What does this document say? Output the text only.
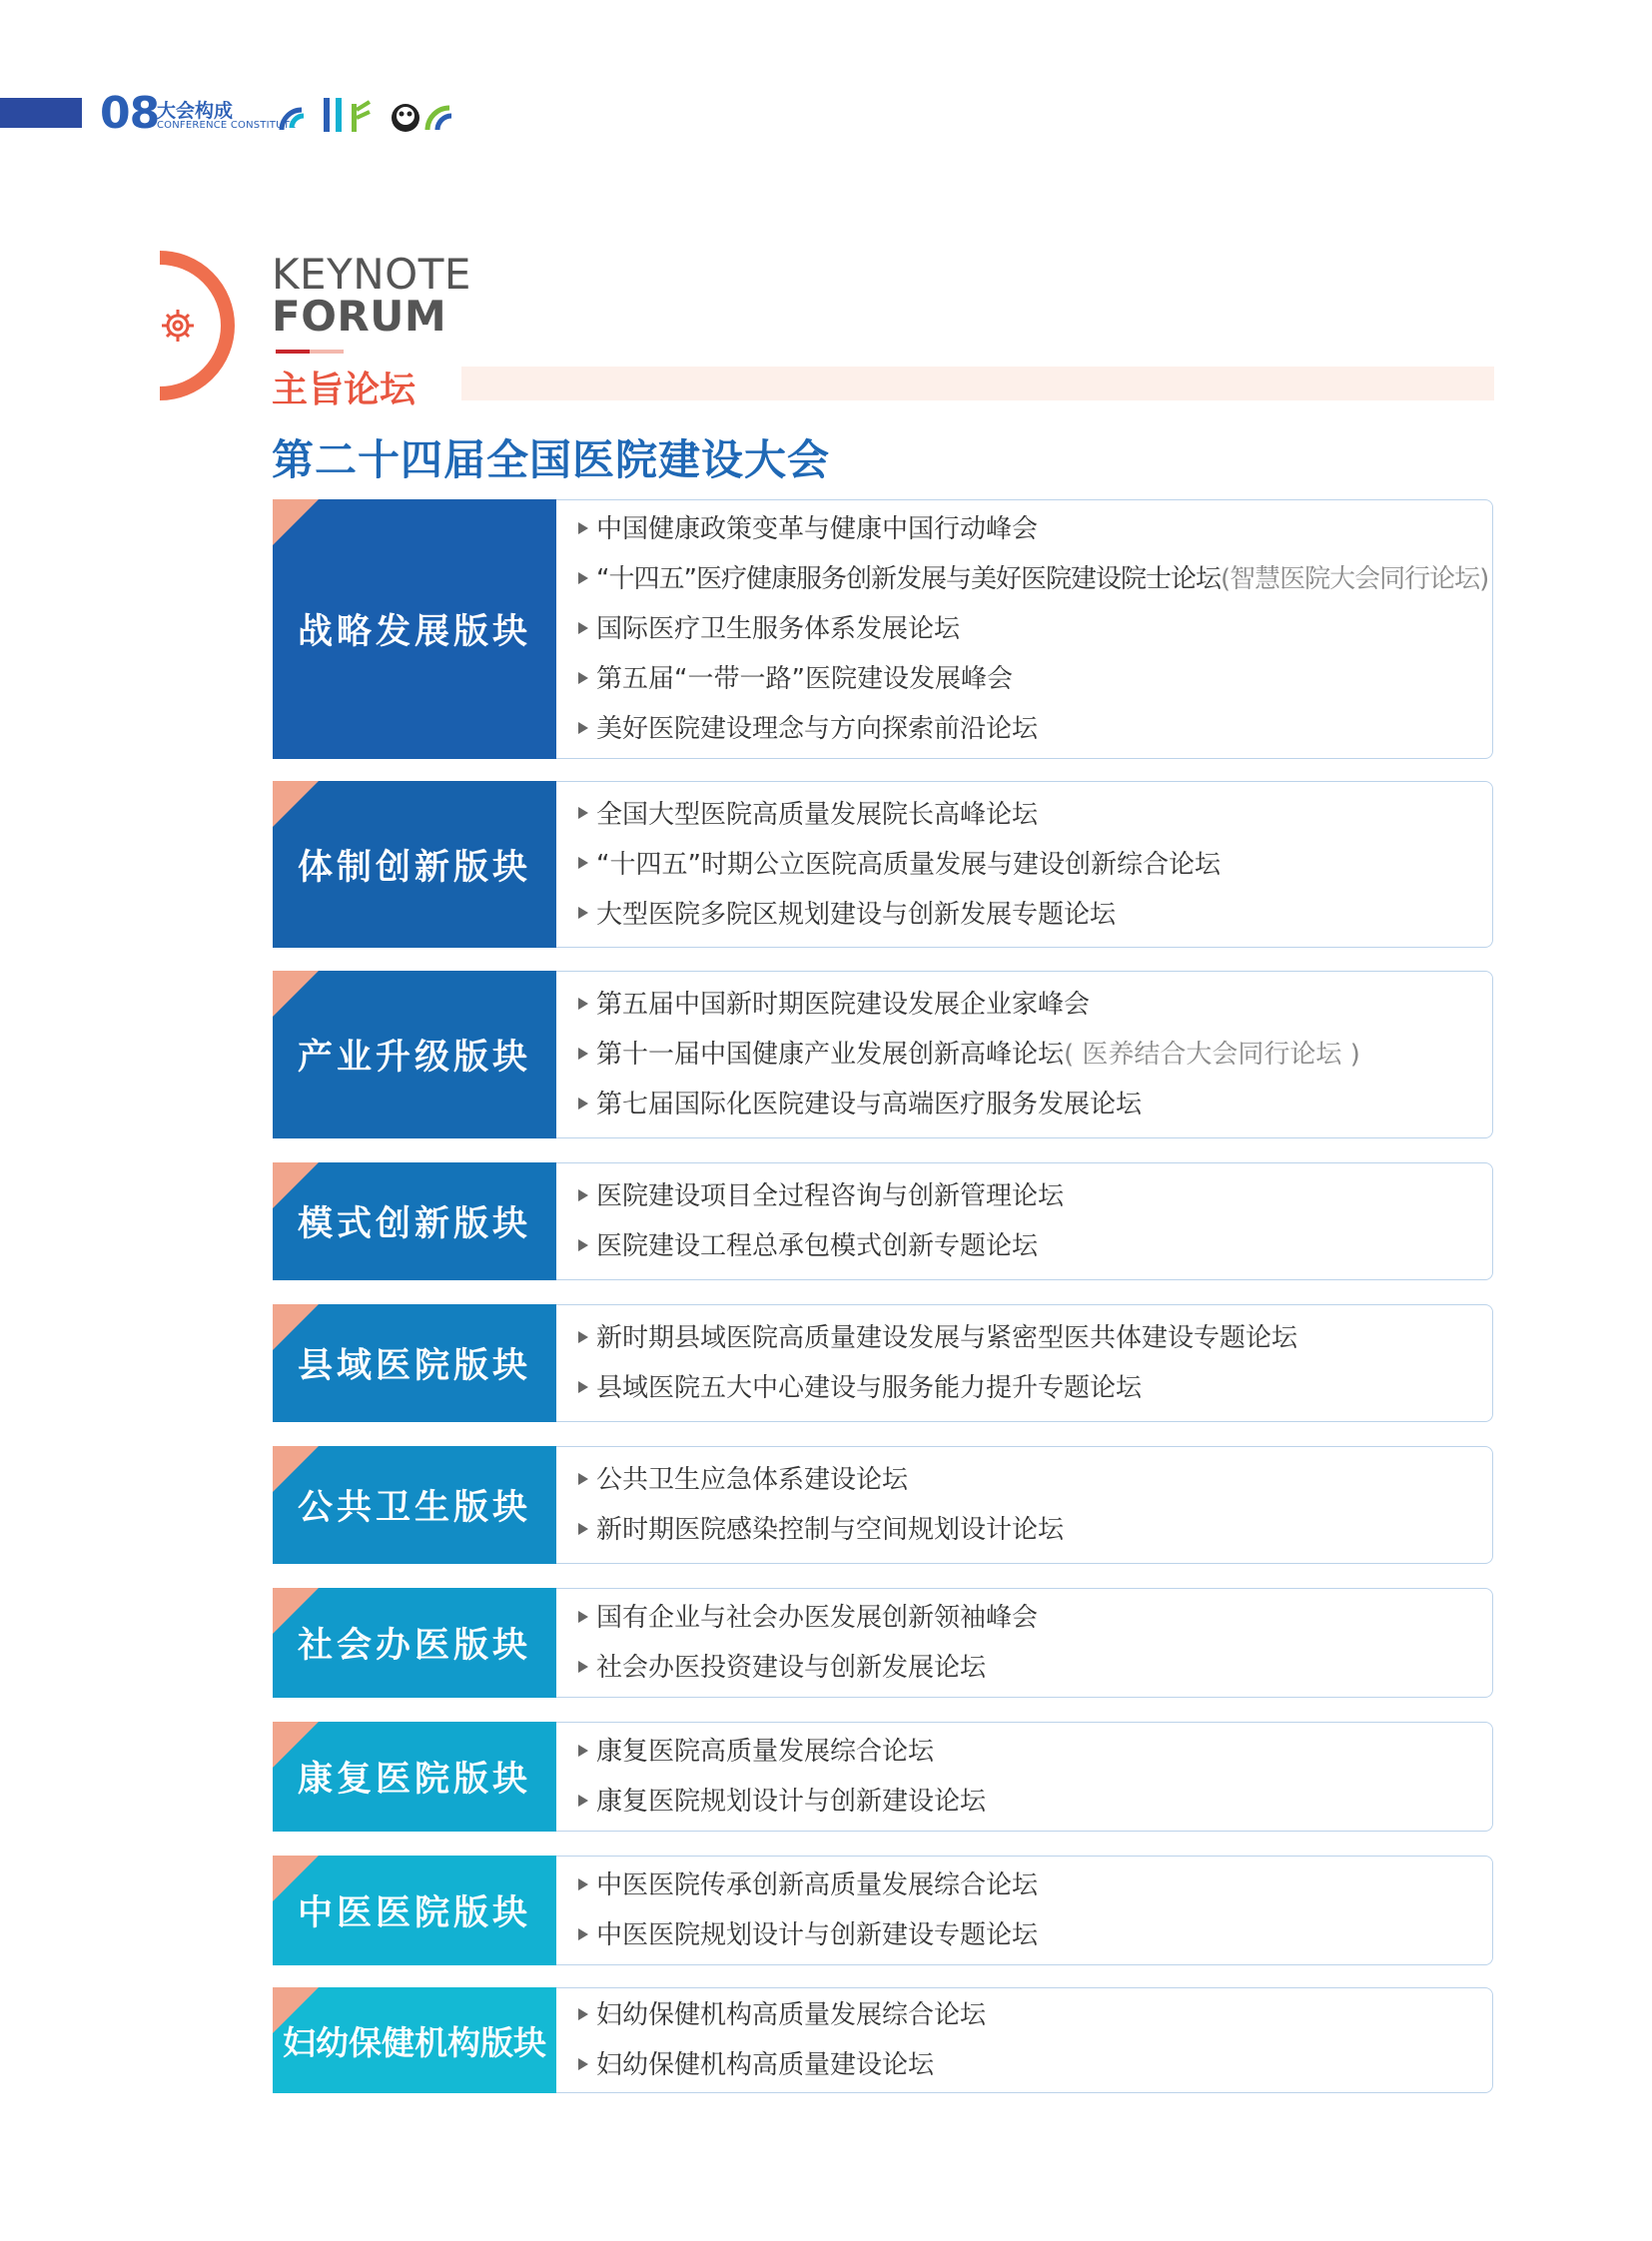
08
大会构成
CONFERENCE CONSTITUTE
KEYNOTE
FORUM
主旨论坛
第二十四届全国医院建设大会
战略发展版块
中国健康政策变革与健康中国行动峰会
“十四五”医疗健康服务创新发展与美好医院建设院士论坛(智慧医院大会同行论坛)
国际医疗卫生服务体系发展论坛
第五届“一带一路”医院建设发展峰会
美好医院建设理念与方向探索前沿论坛
体制创新版块
全国大型医院高质量发展院长高峰论坛
“十四五”时期公立医院高质量发展与建设创新综合论坛
大型医院多院区规划建设与创新发展专题论坛
产业升级版块
第五届中国新时期医院建设发展企业家峰会
第十一届中国健康产业发展创新高峰论坛( 医养结合大会同行论坛 )
第七届国际化医院建设与高端医疗服务发展论坛
模式创新版块
医院建设项目全过程咨询与创新管理论坛
医院建设工程总承包模式创新专题论坛
县域医院版块
新时期县域医院高质量建设发展与紧密型医共体建设专题论坛
县域医院五大中心建设与服务能力提升专题论坛
公共卫生版块
公共卫生应急体系建设论坛
新时期医院感染控制与空间规划设计论坛
社会办医版块
国有企业与社会办医发展创新领袖峰会
社会办医投资建设与创新发展论坛
康复医院版块
康复医院高质量发展综合论坛
康复医院规划设计与创新建设论坛
中医医院版块
中医医院传承创新高质量发展综合论坛
中医医院规划设计与创新建设专题论坛
妇幼保健机构版块
妇幼保健机构高质量发展综合论坛
妇幼保健机构高质量建设论坛
